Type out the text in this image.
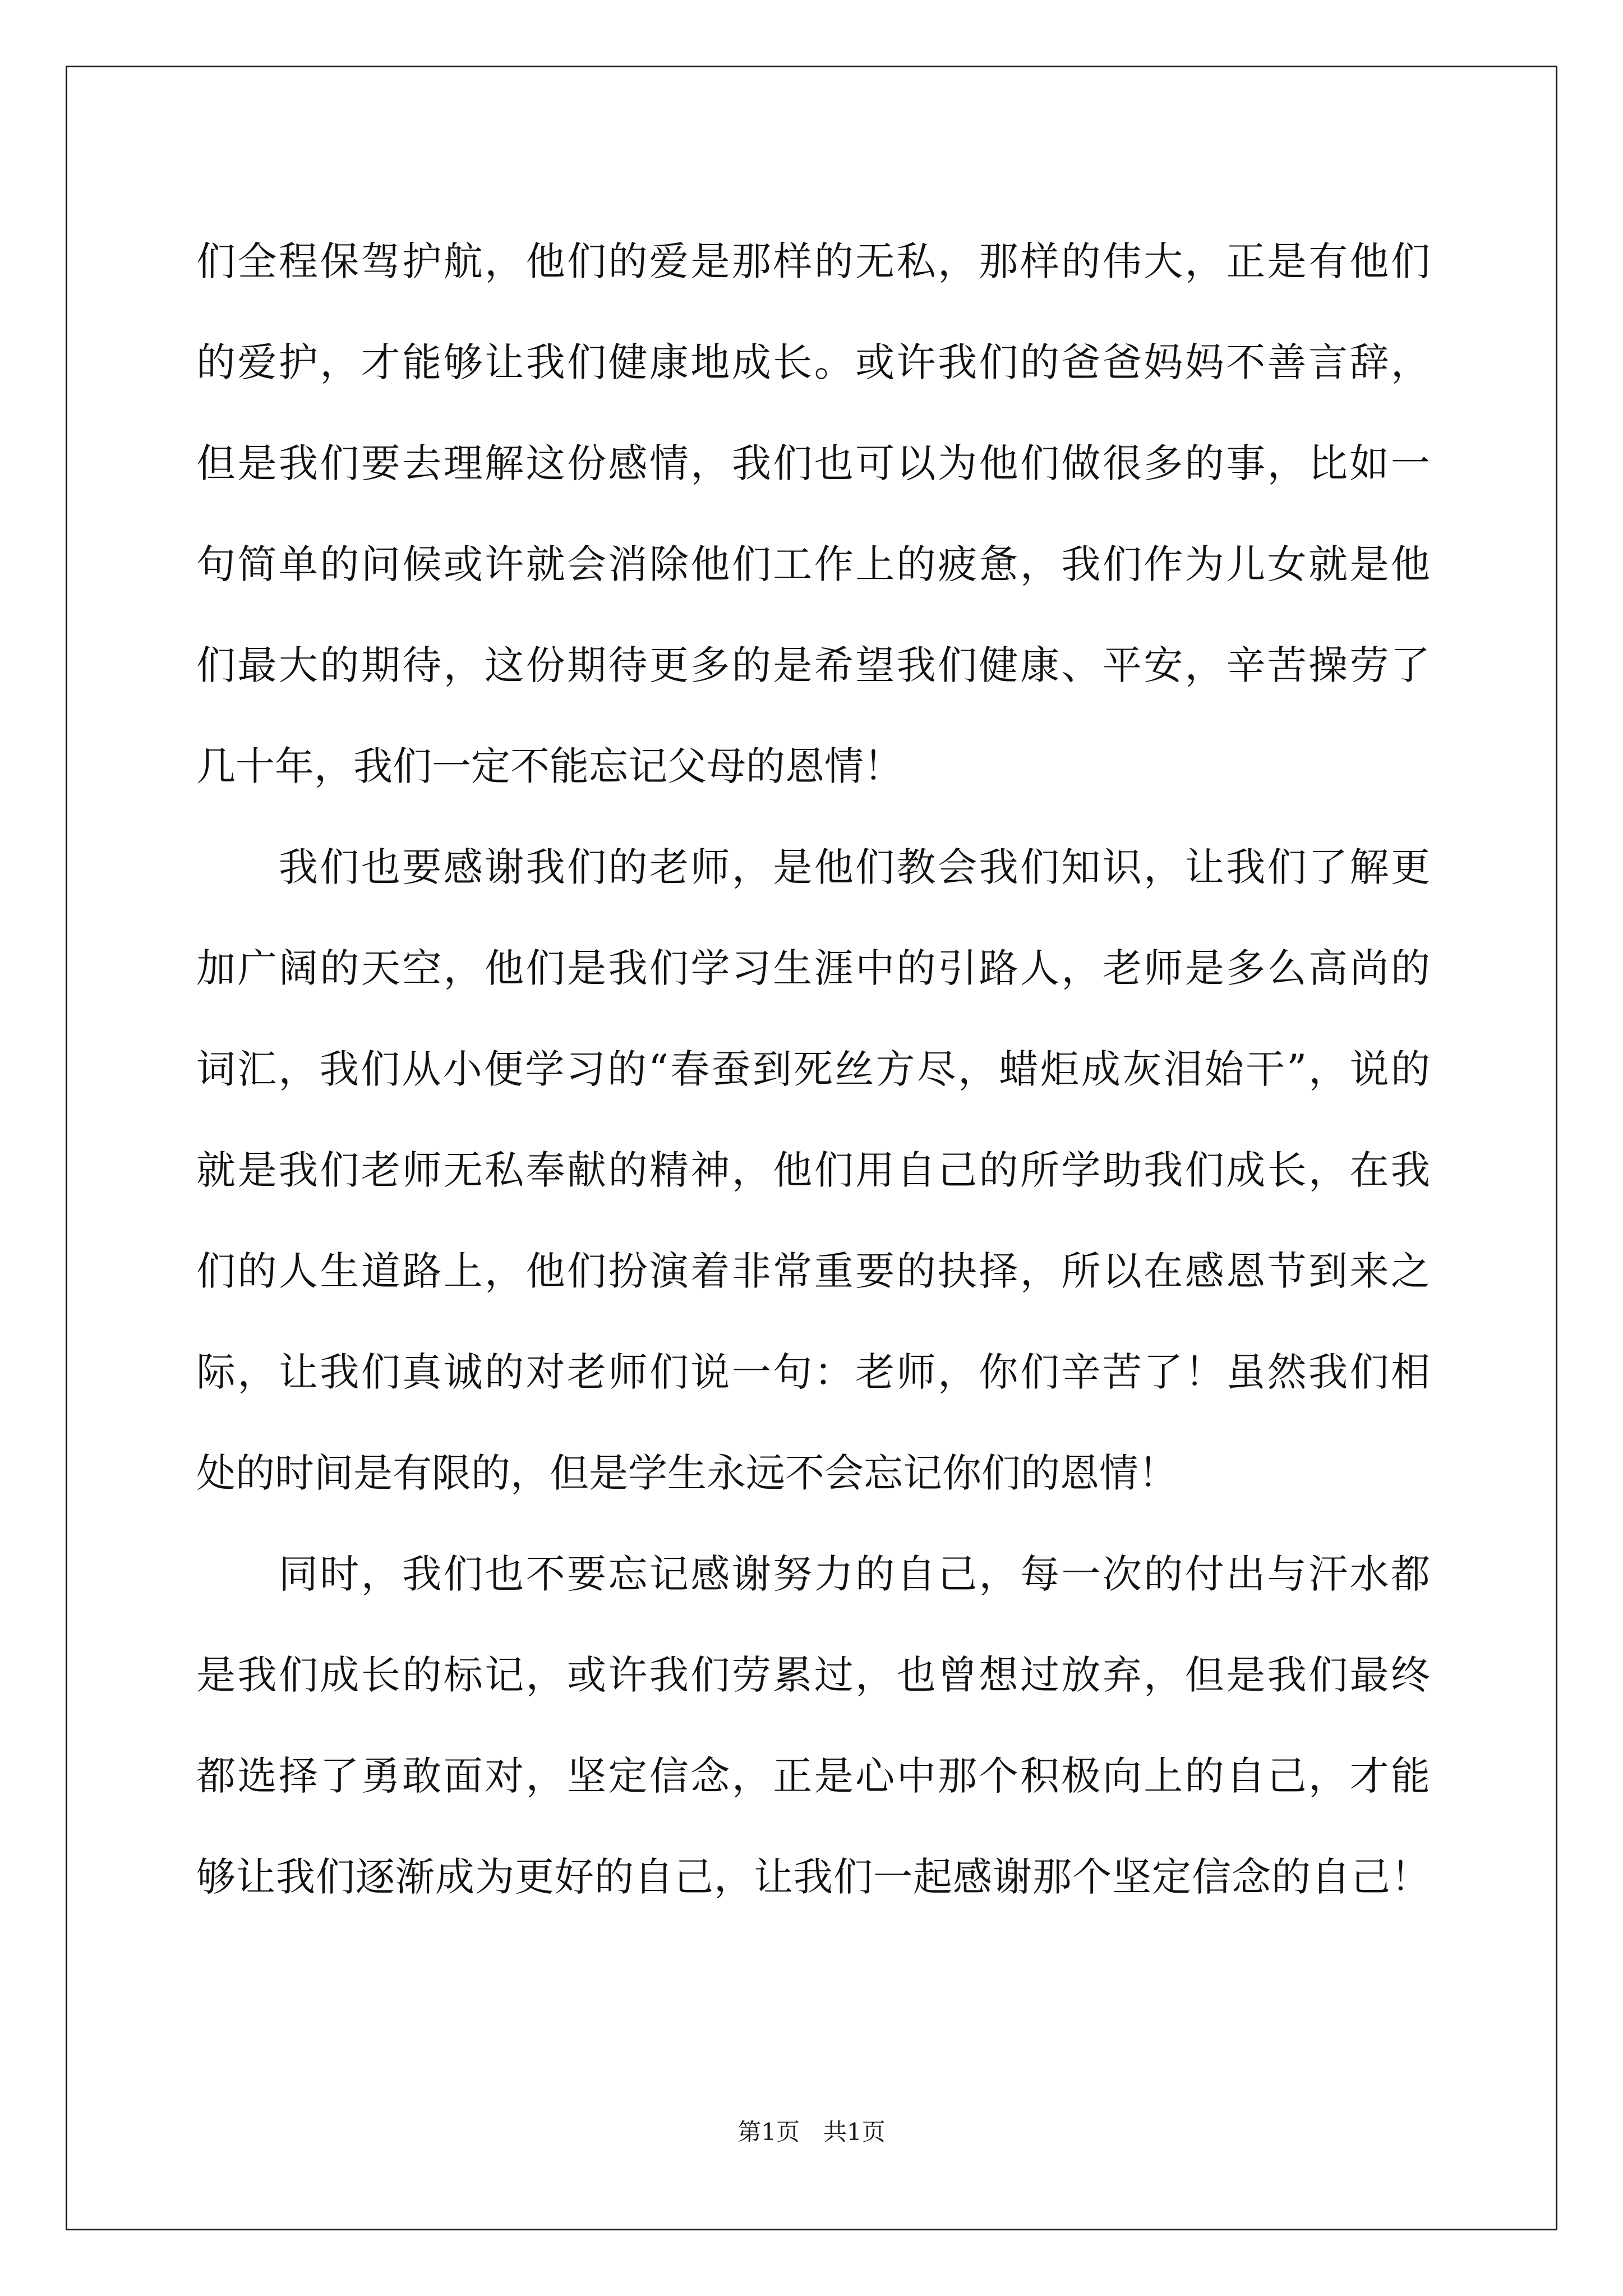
们全程保驾护航，他们的爱是那样的无私，那样的伟大，正是有他们
的爱护，才能够让我们健康地成长。或许我们的爸爸妈妈不善言辞，
但是我们要去理解这份感情，我们也可以为他们做很多的事，比如一
句简单的问候或许就会消除他们工作上的疲惫，我们作为儿女就是他
们最大的期待，这份期待更多的是希望我们健康、平安，辛苦操劳了
几十年，我们一定不能忘记父母的恩情！
　　我们也要感谢我们的老师，是他们教会我们知识，让我们了解更
加广阔的天空，他们是我们学习生涯中的引路人，老师是多么高尚的
词汇，我们从小便学习的“春蚕到死丝方尽，蜡炬成灰泪始干”，说的
就是我们老师无私奉献的精神，他们用自己的所学助我们成长，在我
们的人生道路上，他们扮演着非常重要的抉择，所以在感恩节到来之
际，让我们真诚的对老师们说一句：老师，你们辛苦了！虽然我们相
处的时间是有限的，但是学生永远不会忘记你们的恩情！
　　同时，我们也不要忘记感谢努力的自己，每一次的付出与汗水都
是我们成长的标记，或许我们劳累过，也曾想过放弃，但是我们最终
都选择了勇敢面对，坚定信念，正是心中那个积极向上的自己，才能
够让我们逐渐成为更好的自己，让我们一起感谢那个坚定信念的自己！
第1页　共1页
